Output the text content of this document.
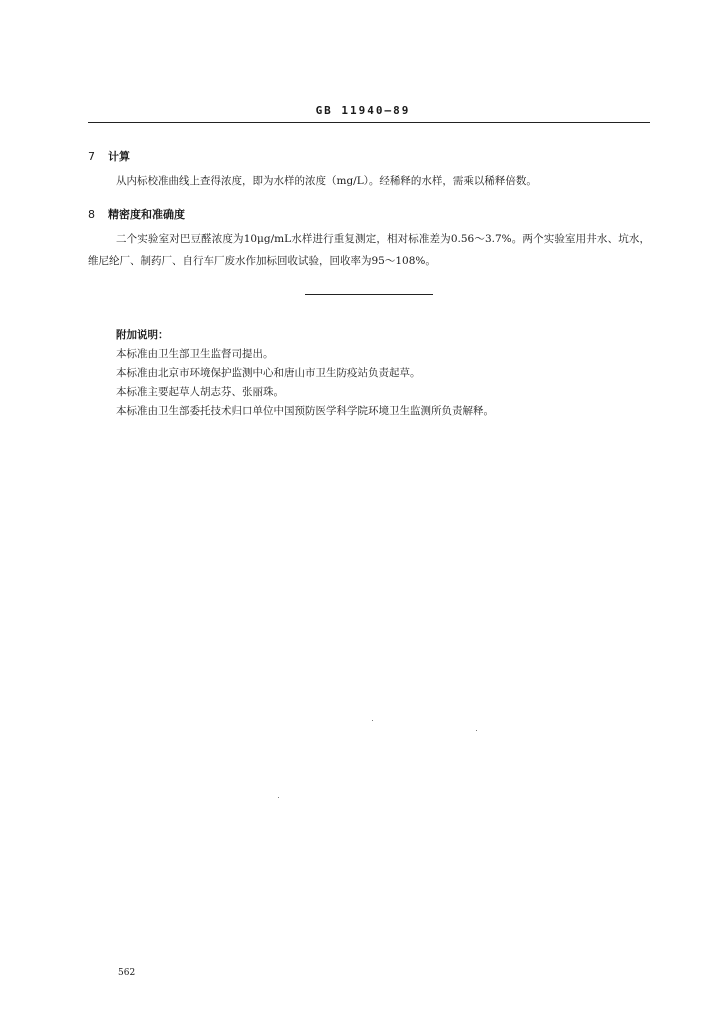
GB 11940—89
7 计算
从内标校准曲线上查得浓度，即为水样的浓度（mg/L）。经稀释的水样，需乘以稀释倍数。
8 精密度和准确度
二个实验室对巴豆醛浓度为10μg/mL水样进行重复测定，相对标准差为0.56～3.7%。两个实验室用井水、坑水，维尼纶厂、制药厂、自行车厂废水作加标回收试验，回收率为95～108%。
附加说明：
本标准由卫生部卫生监督司提出。
本标准由北京市环境保护监测中心和唐山市卫生防疫站负责起草。
本标准主要起草人胡志芬、张丽珠。
本标准由卫生部委托技术归口单位中国预防医学科学院环境卫生监测所负责解释。
562
